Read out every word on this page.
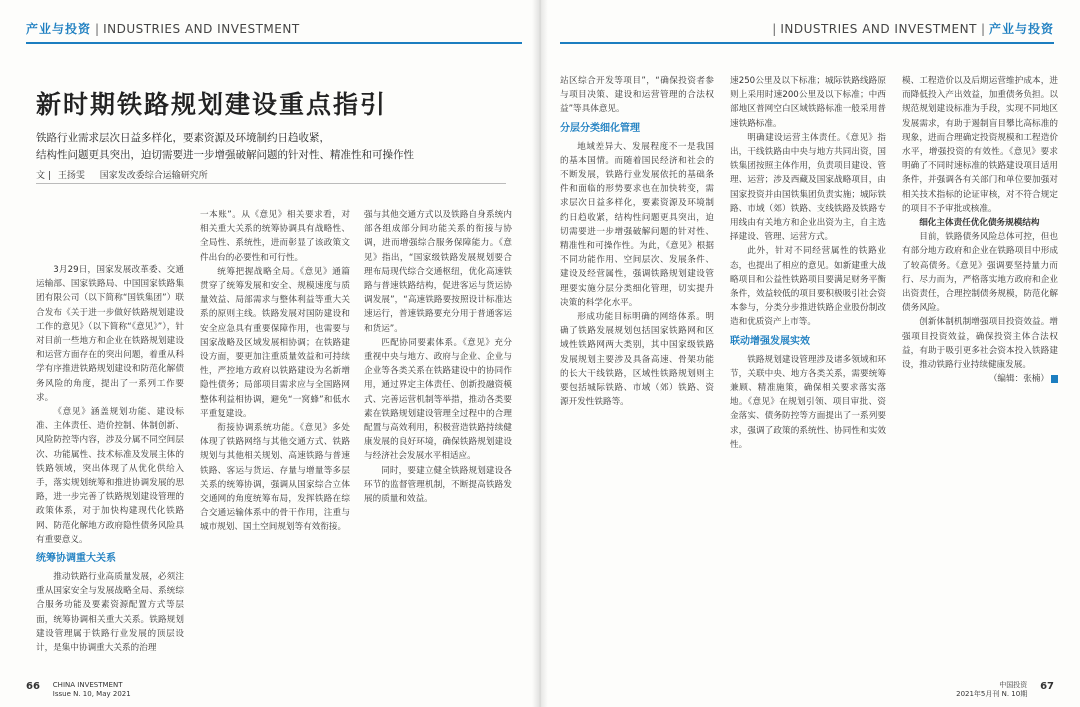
产业与投资 | INDUSTRIES AND INVESTMENT
新时期铁路规划建设重点指引
铁路行业需求层次日益多样化，要素资源及环境制约日趋收紧，
结构性问题更具突出，迫切需要进一步增强破解问题的针对性、精准性和可操作性
文 | 王扬雯 国家发改委综合运输研究所

3月29日，国家发展改革委、交通运输部、国家铁路局、中国国家铁路集团有限公司（以下简称“国铁集团”）联合发布《关于进一步做好铁路规划建设工作的意见》（以下简称“《意见》”），针对目前一些地方和企业在铁路规划建设和运营方面存在的突出问题，着重从科学有序推进铁路规划建设和防范化解债务风险的角度，提出了一系列工作要求。

《意见》涵盖规划功能、建设标准、主体责任、造价控制、体制创新、风险防控等内容，涉及分属不同空间层次、功能属性、技术标准及发展主体的铁路领域，突出体现了从优化供给入手，落实规划统筹和推进协调发展的思路，进一步完善了铁路规划建设管理的政策体系，对于加快构建现代化铁路网、防范化解地方政府隐性债务风险具有重要意义。

统筹协调重大关系

推动铁路行业高质量发展，必须注重从国家安全与发展战略全局、系统综合服务功能及要素资源配置方式等层面，统筹协调相关重大关系。铁路规划建设管理属于铁路行业发展的顶层设计，是集中协调重大关系的治理

一本账”。从《意见》相关要求看，对相关重大关系的统筹协调具有战略性、全局性、系统性，进而彰显了该政策文件出台的必要性和可行性。

统筹把握战略全局。《意见》通篇贯穿了统筹发展和安全、规模速度与质量效益、局部需求与整体利益等重大关系的原则主线。铁路发展对国防建设和安全应急具有重要保障作用，也需要与国家战略及区域发展相协调；在铁路建设方面，要更加注重质量效益和可持续性，严控地方政府以铁路建设为名新增隐性债务；局部项目需求应与全国路网整体利益相协调，避免“一窝蜂”和低水平重复建设。

衔接协调系统功能。《意见》多处体现了铁路网络与其他交通方式、铁路规划与其他相关规划、高速铁路与普速铁路、客运与货运、存量与增量等多层关系的统筹协调，强调从国家综合立体交通网的角度统筹布局，发挥铁路在综合交通运输体系中的骨干作用，注重与城市规划、国土空间规划等有效衔接。

强与其他交通方式以及铁路自身系统内部各组成部分间功能关系的衔接与协调，进而增强综合服务保障能力。《意见》指出，“国家级铁路发展规划要合理布局现代综合交通枢纽，优化高速铁路与普速铁路结构，促进客运与货运协调发展”，“高速铁路要按照设计标准达速运行，普速铁路要充分用于普通客运和货运”。

匹配协同要素体系。《意见》充分重视中央与地方、政府与企业、企业与企业等各类关系在铁路建设中的协同作用，通过界定主体责任、创新投融资模式、完善运营机制等举措，推动各类要素在铁路规划建设管理全过程中的合理配置与高效利用，积极营造铁路持续健康发展的良好环境，确保铁路规划建设与经济社会发展水平相适应。

同时，要建立健全铁路规划建设各环节的监督管理机制，不断提高铁路发展的质量和效益。

66 CHINA INVESTMENT
Issue N. 10, May 2021
| INDUSTRIES AND INVESTMENT | 产业与投资

站区综合开发等项目”，“确保投资者参与项目决策、建设和运营管理的合法权益”等具体意见。

分层分类细化管理

地域差异大、发展程度不一是我国的基本国情。而随着国民经济和社会的不断发展，铁路行业发展依托的基础条件和面临的形势要求也在加快转变，需求层次日益多样化，要素资源及环境制约日趋收紧，结构性问题更具突出，迫切需要进一步增强破解问题的针对性、精准性和可操作性。为此，《意见》根据不同功能作用、空间层次、发展条件、建设及经营属性，强调铁路规划建设管理要实施分层分类细化管理，切实提升决策的科学化水平。

形成功能目标明确的网络体系。明确了铁路发展规划包括国家铁路网和区域性铁路网两大类别，其中国家级铁路发展规划主要涉及具备高速、骨架功能的长大干线铁路，区域性铁路规划则主要包括城际铁路、市域（郊）铁路、资源开发性铁路等。

速250公里及以下标准；城际铁路线路原则上采用时速200公里及以下标准；中西部地区普网空白区域铁路标准一般采用普速铁路标准。

明确建设运营主体责任。《意见》指出，干线铁路由中央与地方共同出资，国铁集团按照主体作用，负责项目建设、管理、运营；涉及西藏及国家战略项目，由国家投资并由国铁集团负责实施；城际铁路、市域（郊）铁路、支线铁路及铁路专用线由有关地方和企业出资为主，自主选择建设、管理、运营方式。

此外，针对不同经营属性的铁路业态，也提出了相应的意见。如新建重大战略项目和公益性铁路项目要满足财务平衡条件，效益较低的项目要积极吸引社会资本参与，分类分步推进铁路企业股份制改造和优质资产上市等。

联动增强发展实效

铁路规划建设管理涉及诸多领域和环节，关联中央、地方各类关系，需要统筹兼顾、精准施策，确保相关要求落实落地。《意见》在规划引领、项目审批、资金落实、债务防控等方面提出了一系列要求，强调了政策的系统性、协同性和实效性。

模、工程造价以及后期运营维护成本，进而降低投入产出效益，加重债务负担。以规范规划建设标准为手段，实现不同地区发展需求，有助于遏制盲目攀比高标准的现象，进而合理确定投资规模和工程造价水平，增强投资的有效性。《意见》要求明确了不同时速标准的铁路建设项目适用条件，并强调各有关部门和单位要加强对相关技术指标的论证审核，对不符合规定的项目不予审批或核准。

细化主体责任优化债务规模结构

目前，铁路债务风险总体可控，但也有部分地方政府和企业在铁路项目中形成了较高债务。《意见》强调要坚持量力而行、尽力而为，严格落实地方政府和企业出资责任，合理控制债务规模，防范化解债务风险。

创新体制机制增强项目投资效益。增强项目投资效益，确保投资主体合法权益，有助于吸引更多社会资本投入铁路建设，推动铁路行业持续健康发展。

（编辑：张楠）

中国投资
2021年5月刊 N. 10期 67
